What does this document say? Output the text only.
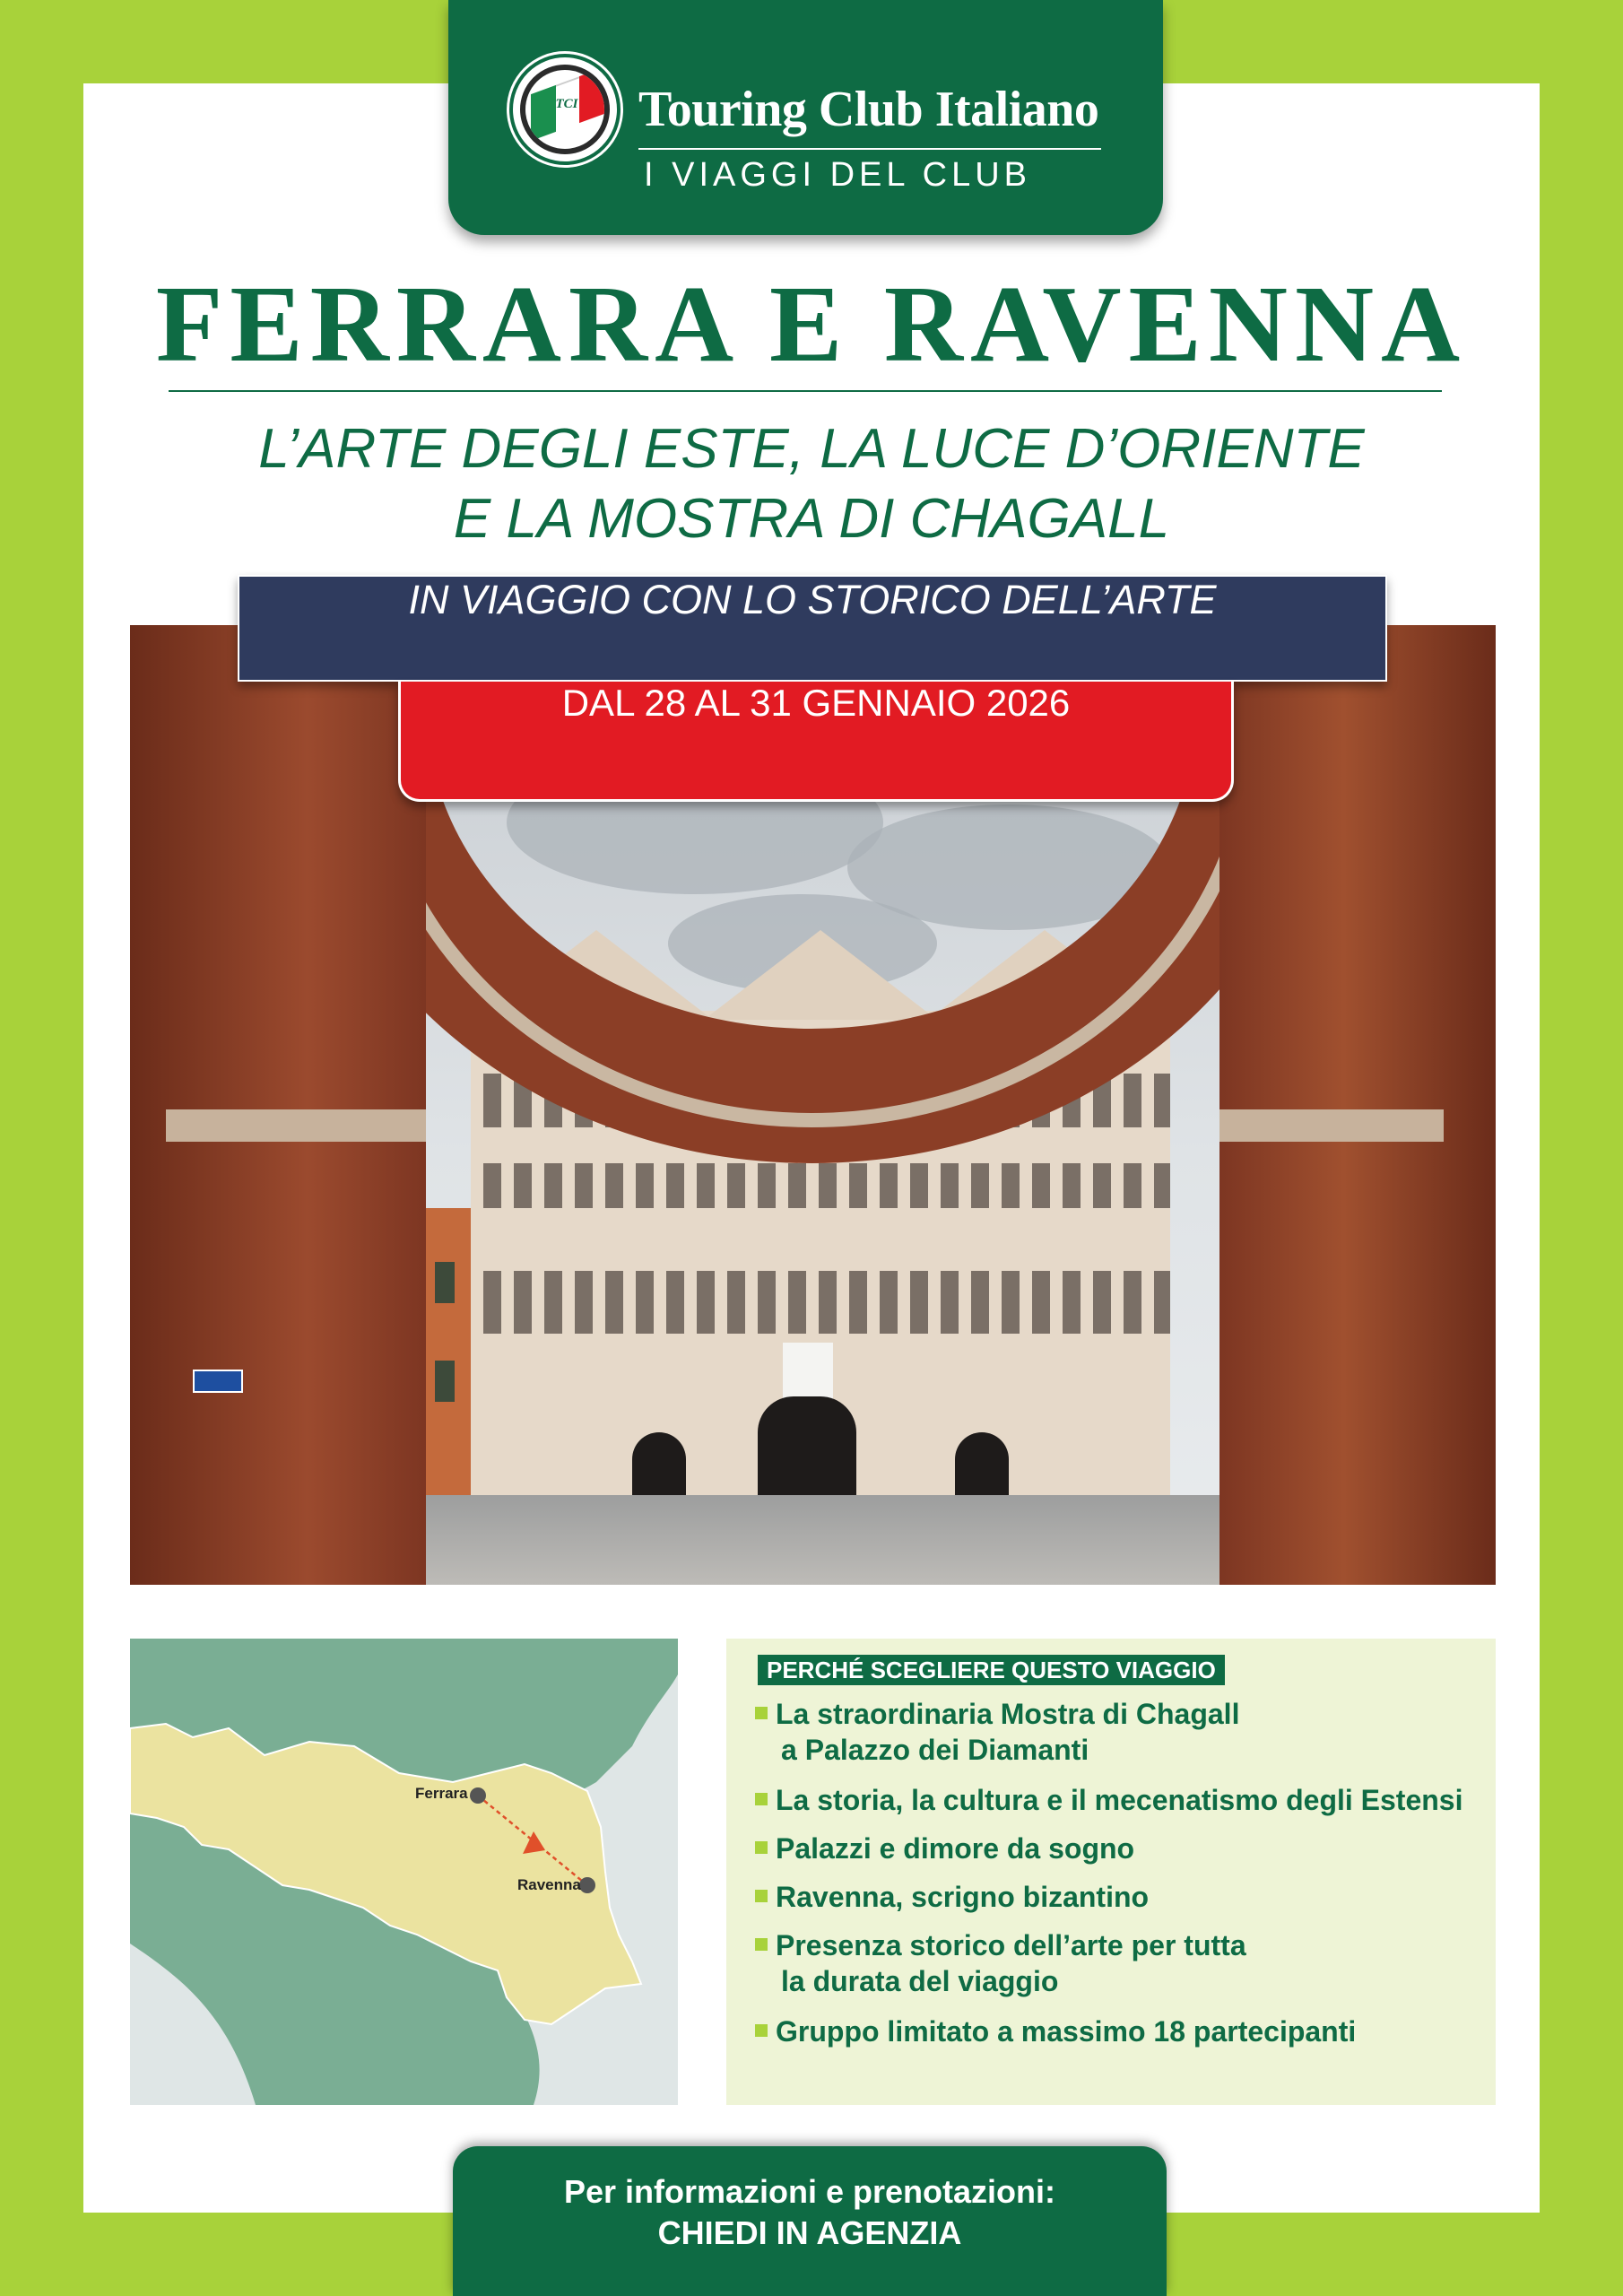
TCI Touring Club Italiano
I VIAGGI DEL CLUB
FERRARA E RAVENNA
L’ARTE DEGLI ESTE, LA LUCE D’ORIENTE
E LA MOSTRA DI CHAGALL
IN VIAGGIO CON LO STORICO DELL’ARTE
DAL 28 AL 31 GENNAIO 2026
Ferrara
Ravenna
PERCHÉ SCEGLIERE QUESTO VIAGGIO
La straordinaria Mostra di Chagall
a Palazzo dei Diamanti
La storia, la cultura e il mecenatismo degli Estensi
Palazzi e dimore da sogno
Ravenna, scrigno bizantino
Presenza storico dell’arte per tutta
la durata del viaggio
Gruppo limitato a massimo 18 partecipanti
Per informazioni e prenotazioni:
CHIEDI IN AGENZIA
